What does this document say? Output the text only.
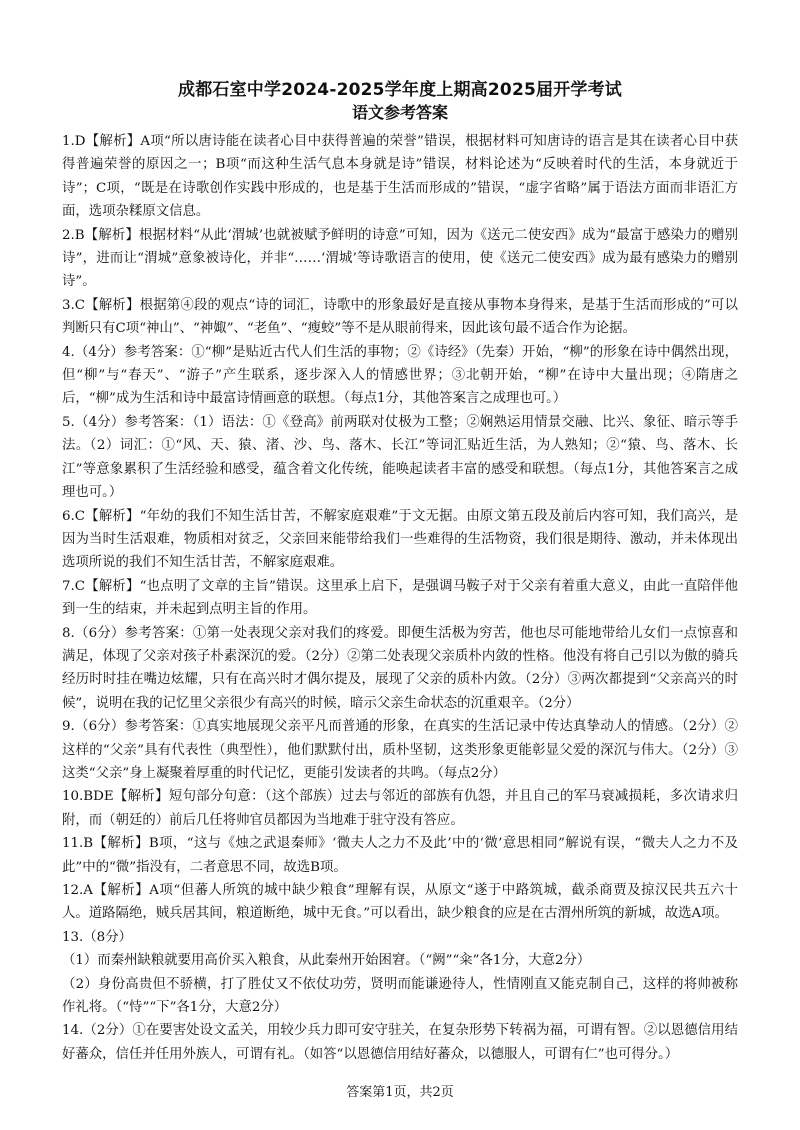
成都石室中学2024-2025学年度上期高2025届开学考试
语文参考答案

1.D【解析】A项“所以唐诗能在读者心目中获得普遍的荣誉”错误，根据材料可知唐诗的语言是其在读者心目中获得普遍荣誉的原因之一；B项“而这种生活气息本身就是诗”错误，材料论述为“反映着时代的生活，本身就近于诗”；C项，“既是在诗歌创作实践中形成的，也是基于生活而形成的”错误，“虚字省略”属于语法方面而非语汇方面，选项杂糅原文信息。

2.B【解析】根据材料“从此‘渭城’也就被赋予鲜明的诗意”可知，因为《送元二使安西》成为“最富于感染力的赠别诗”，进而让“渭城”意象被诗化，并非“……‘渭城’等诗歌语言的使用，使《送元二使安西》成为最有感染力的赠别诗”。

3.C【解析】根据第④段的观点“诗的词汇，诗歌中的形象最好是直接从事物本身得来，是基于生活而形成的”可以判断只有C项“神山”、“神娵”、“老鱼”、“瘦蛟”等不是从眼前得来，因此该句最不适合作为论据。

4.（4分）参考答案：①“柳”是贴近古代人们生活的事物；②《诗经》（先秦）开始，“柳”的形象在诗中偶然出现，但“柳”与“春天”、“游子”产生联系，逐步深入人的情感世界；③北朝开始，“柳”在诗中大量出现；④隋唐之后，“柳”成为生活和诗中最富诗情画意的联想。（每点1分，其他答案言之成理也可。）

5.（4分）参考答案：（1）语法：①《登高》前两联对仗极为工整；②娴熟运用情景交融、比兴、象征、暗示等手法。（2）词汇：①“风、天、猿、渚、沙、鸟、落木、长江”等词汇贴近生活，为人熟知；②“猿、鸟、落木、长江”等意象累积了生活经验和感受，蕴含着文化传统，能唤起读者丰富的感受和联想。（每点1分，其他答案言之成理也可。）

6.C【解析】“年幼的我们不知生活甘苦，不解家庭艰难”于文无据。由原文第五段及前后内容可知，我们高兴，是因为当时生活艰难，物质相对贫乏，父亲回来能带给我们一些难得的生活物资，我们很是期待、激动，并未体现出选项所说的我们不知生活甘苦，不解家庭艰难。

7.C【解析】“也点明了文章的主旨”错误。这里承上启下，是强调马鞍子对于父亲有着重大意义，由此一直陪伴他到一生的结束，并未起到点明主旨的作用。

8.（6分）参考答案：①第一处表现父亲对我们的疼爱。即便生活极为穷苦，他也尽可能地带给儿女们一点惊喜和满足，体现了父亲对孩子朴素深沉的爱。（2分）②第二处表现父亲质朴内敛的性格。他没有将自己引以为傲的骑兵经历时时挂在嘴边炫耀，只有在高兴时才偶尔提及，展现了父亲的质朴内敛。（2分）③两次都提到“父亲高兴的时候”，说明在我的记忆里父亲很少有高兴的时候，暗示父亲生命状态的沉重艰辛。（2分）

9.（6分）参考答案：①真实地展现父亲平凡而普通的形象，在真实的生活记录中传达真挚动人的情感。（2分）②这样的“父亲”具有代表性（典型性），他们默默付出，质朴坚韧，这类形象更能彰显父爱的深沉与伟大。（2分）③这类“父亲”身上凝聚着厚重的时代记忆，更能引发读者的共鸣。（每点2分）

10.BDE【解析】短句部分句意：（这个部族）过去与邻近的部族有仇怨，并且自己的军马衰减损耗，多次请求归附，而（朝廷的）前后几任将帅官员都因为当地难于驻守没有答应。

11.B【解析】B项，“这与《烛之武退秦师》‘微夫人之力不及此’中的‘微’意思相同”解说有误，“微夫人之力不及此”中的“微”指没有，二者意思不同，故选B项。

12.A【解析】A项“但蕃人所筑的城中缺少粮食”理解有误，从原文“遂于中路筑城，截杀商贾及掠汉民共五六十人。道路隔绝，贼兵居其间，粮道断绝，城中无食。”可以看出，缺少粮食的应是在古渭州所筑的新城，故选A项。

13.（8分）

（1）而秦州缺粮就要用高价买入粮食，从此秦州开始困窘。（“阙”“籴”各1分，大意2分）

（2）身份高贵但不骄横，打了胜仗又不依仗功劳，贤明而能谦逊待人，性情刚直又能克制自己，这样的将帅被称作礼将。（“恃”“下”各1分，大意2分）

14.（2分）①在要害处设文孟关，用较少兵力即可安守驻关，在复杂形势下转祸为福，可谓有智。②以恩德信用结好蕃众，信任并任用外族人，可谓有礼。（如答“以恩德信用结好蕃众，以德服人，可谓有仁”也可得分。）

答案第1页，共2页
